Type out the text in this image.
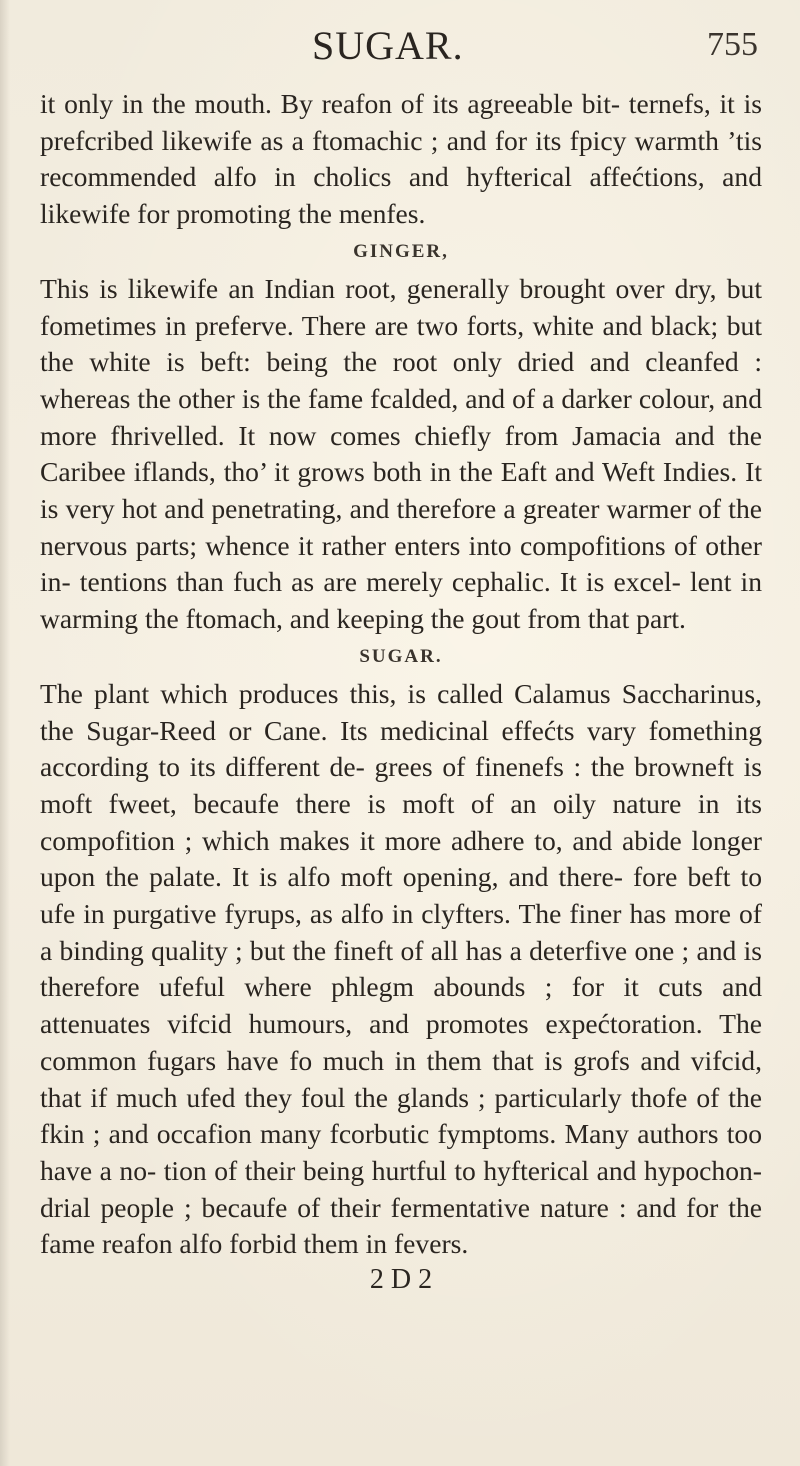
SUGAR.	755

it only in the mouth. By reafon of its agreeable bit- ternefs, it is prefcribed likewife as a ftomachic ; and for its fpicy warmth ’tis recommended alfo in cholics and hyfterical affećtions, and likewife for promoting the menfes.

GINGER,

This is likewife an Indian root, generally brought over dry, but fometimes in preferve. There are two forts, white and black; but the white is beft: being the root only dried and cleanfed : whereas the other is the fame fcalded, and of a darker colour, and more fhrivelled. It now comes chiefly from Jamacia and the Caribee iflands, tho’ it grows both in the Eaft and Weft Indies. It is very hot and penetrating, and therefore a greater warmer of the nervous parts; whence it rather enters into compofitions of other in- tentions than fuch as are merely cephalic. It is excel- lent in warming the ftomach, and keeping the gout from that part.

SUGAR.

The plant which produces this, is called Calamus Saccharinus, the Sugar-Reed or Cane. Its medicinal effećts vary fomething according to its different de- grees of finenefs : the browneft is moft fweet, becaufe there is moft of an oily nature in its compofition ; which makes it more adhere to, and abide longer upon the palate. It is alfo moft opening, and there- fore beft to ufe in purgative fyrups, as alfo in clyfters. The finer has more of a binding quality ; but the fineft of all has a deterfive one ; and is therefore ufeful where phlegm abounds ; for it cuts and attenuates vifcid humours, and promotes expećtoration. The common fugars have fo much in them that is grofs and vifcid, that if much ufed they foul the glands ; particularly thofe of the fkin ; and occafion many fcorbutic fymptoms. Many authors too have a no- tion of their being hurtful to hyfterical and hypochon- drial people ; becaufe of their fermentative nature : and for the fame reafon alfo forbid them in fevers.

2 D 2
